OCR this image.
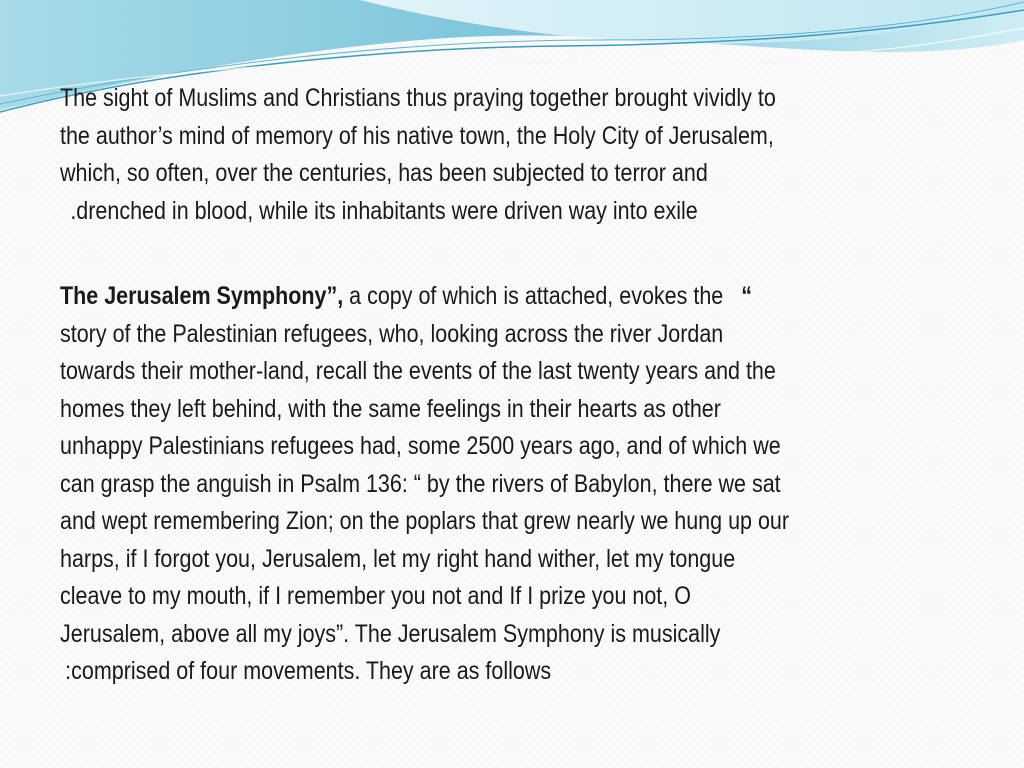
The sight of Muslims and Christians thus praying together brought vividly to
the author’s mind of memory of his native town, the Holy City of Jerusalem,
which, so often, over the centuries, has been subjected to terror and
.drenched in blood, while its inhabitants were driven way into exile
The Jerusalem Symphony”, a copy of which is attached, evokes the “
story of the Palestinian refugees, who, looking across the river Jordan
towards their mother-land, recall the events of the last twenty years and the
homes they left behind, with the same feelings in their hearts as other
unhappy Palestinians refugees had, some 2500 years ago, and of which we
can grasp the anguish in Psalm 136: “ by the rivers of Babylon, there we sat
and wept remembering Zion; on the poplars that grew nearly we hung up our
harps, if I forgot you, Jerusalem, let my right hand wither, let my tongue
cleave to my mouth, if I remember you not and If I prize you not, O
Jerusalem, above all my joys”. The Jerusalem Symphony is musically
:comprised of four movements. They are as follows
